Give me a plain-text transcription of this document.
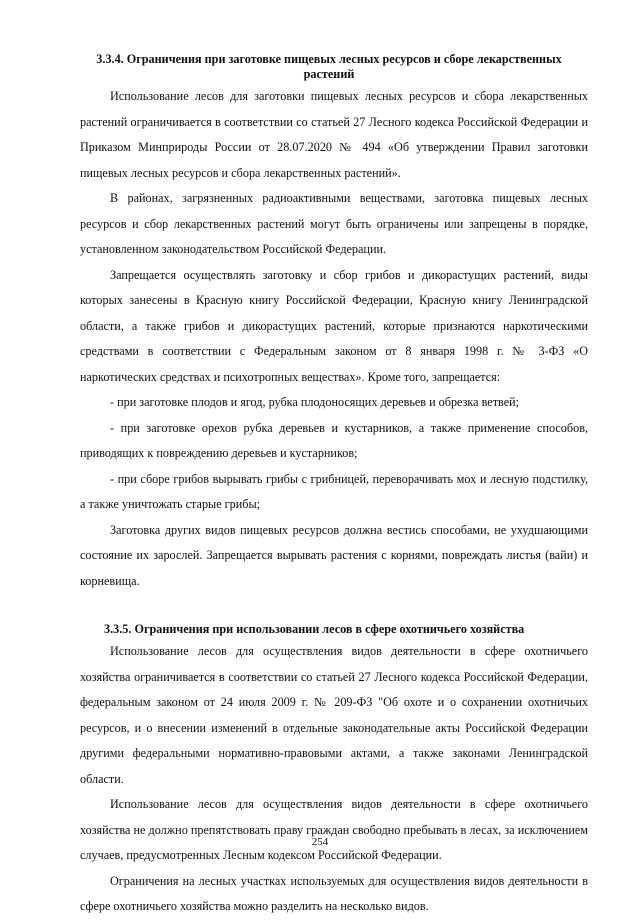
3.3.4. Ограничения при заготовке пищевых лесных ресурсов и сборе лекарственных растений

Использование лесов для заготовки пищевых лесных ресурсов и сбора лекарственных растений ограничивается в соответствии со статьей 27 Лесного кодекса Российской Федерации и Приказом Минприроды России от 28.07.2020 № 494 «Об утверждении Правил заготовки пищевых лесных ресурсов и сбора лекарственных растений».

В районах, загрязненных радиоактивными веществами, заготовка пищевых лесных ресурсов и сбор лекарственных растений могут быть ограничены или запрещены в порядке, установленном законодательством Российской Федерации.

Запрещается осуществлять заготовку и сбор грибов и дикорастущих растений, виды которых занесены в Красную книгу Российской Федерации, Красную книгу Ленинградской области, а также грибов и дикорастущих растений, которые признаются наркотическими средствами в соответствии с Федеральным законом от 8 января 1998 г. № 3-ФЗ «О наркотических средствах и психотропных веществах». Кроме того, запрещается:

- при заготовке плодов и ягод, рубка плодоносящих деревьев и обрезка ветвей;

- при заготовке орехов рубка деревьев и кустарников, а также применение способов, приводящих к повреждению деревьев и кустарников;

- при сборе грибов вырывать грибы с грибницей, переворачивать мох и лесную подстилку, а также уничтожать старые грибы;

Заготовка других видов пищевых ресурсов должна вестись способами, не ухудшающими состояние их зарослей. Запрещается вырывать растения с корнями, повреждать листья (вайи) и корневища.

3.3.5. Ограничения при использовании лесов в сфере охотничьего хозяйства

Использование лесов для осуществления видов деятельности в сфере охотничьего хозяйства ограничивается в соответствии со статьей 27 Лесного кодекса Российской Федерации, федеральным законом от 24 июля 2009 г. № 209-ФЗ "Об охоте и о сохранении охотничьих ресурсов, и о внесении изменений в отдельные законодательные акты Российской Федерации другими федеральными нормативно-правовыми актами, а также законами Ленинградской области.

Использование лесов для осуществления видов деятельности в сфере охотничьего хозяйства не должно препятствовать праву граждан свободно пребывать в лесах, за исключением случаев, предусмотренных Лесным кодексом Российской Федерации.

Ограничения на лесных участках используемых для осуществления видов деятельности в сфере охотничьего хозяйства можно разделить на несколько видов.

254
